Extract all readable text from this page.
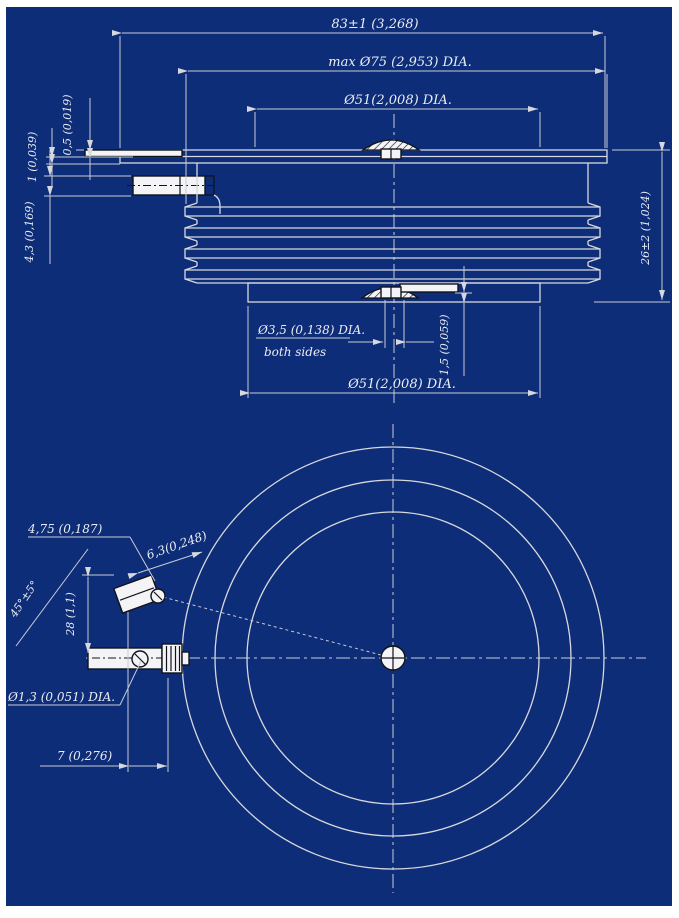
83±1 (3,268)
max Ø75 (2,953) DIA.
Ø51(2,008) DIA.
0,5 (0,019)
1 (0,039)
4,3 (0,169)	26±2 (1,024)
Ø3,5 (0,138) DIA.
both sides	1,5 (0,059)
Ø51(2,008) DIA.
4,75 (0,187)	6,3(0,248)
45°±5° 28 (1,1)
Ø1,3 (0,051) DIA.
7 (0,276)
